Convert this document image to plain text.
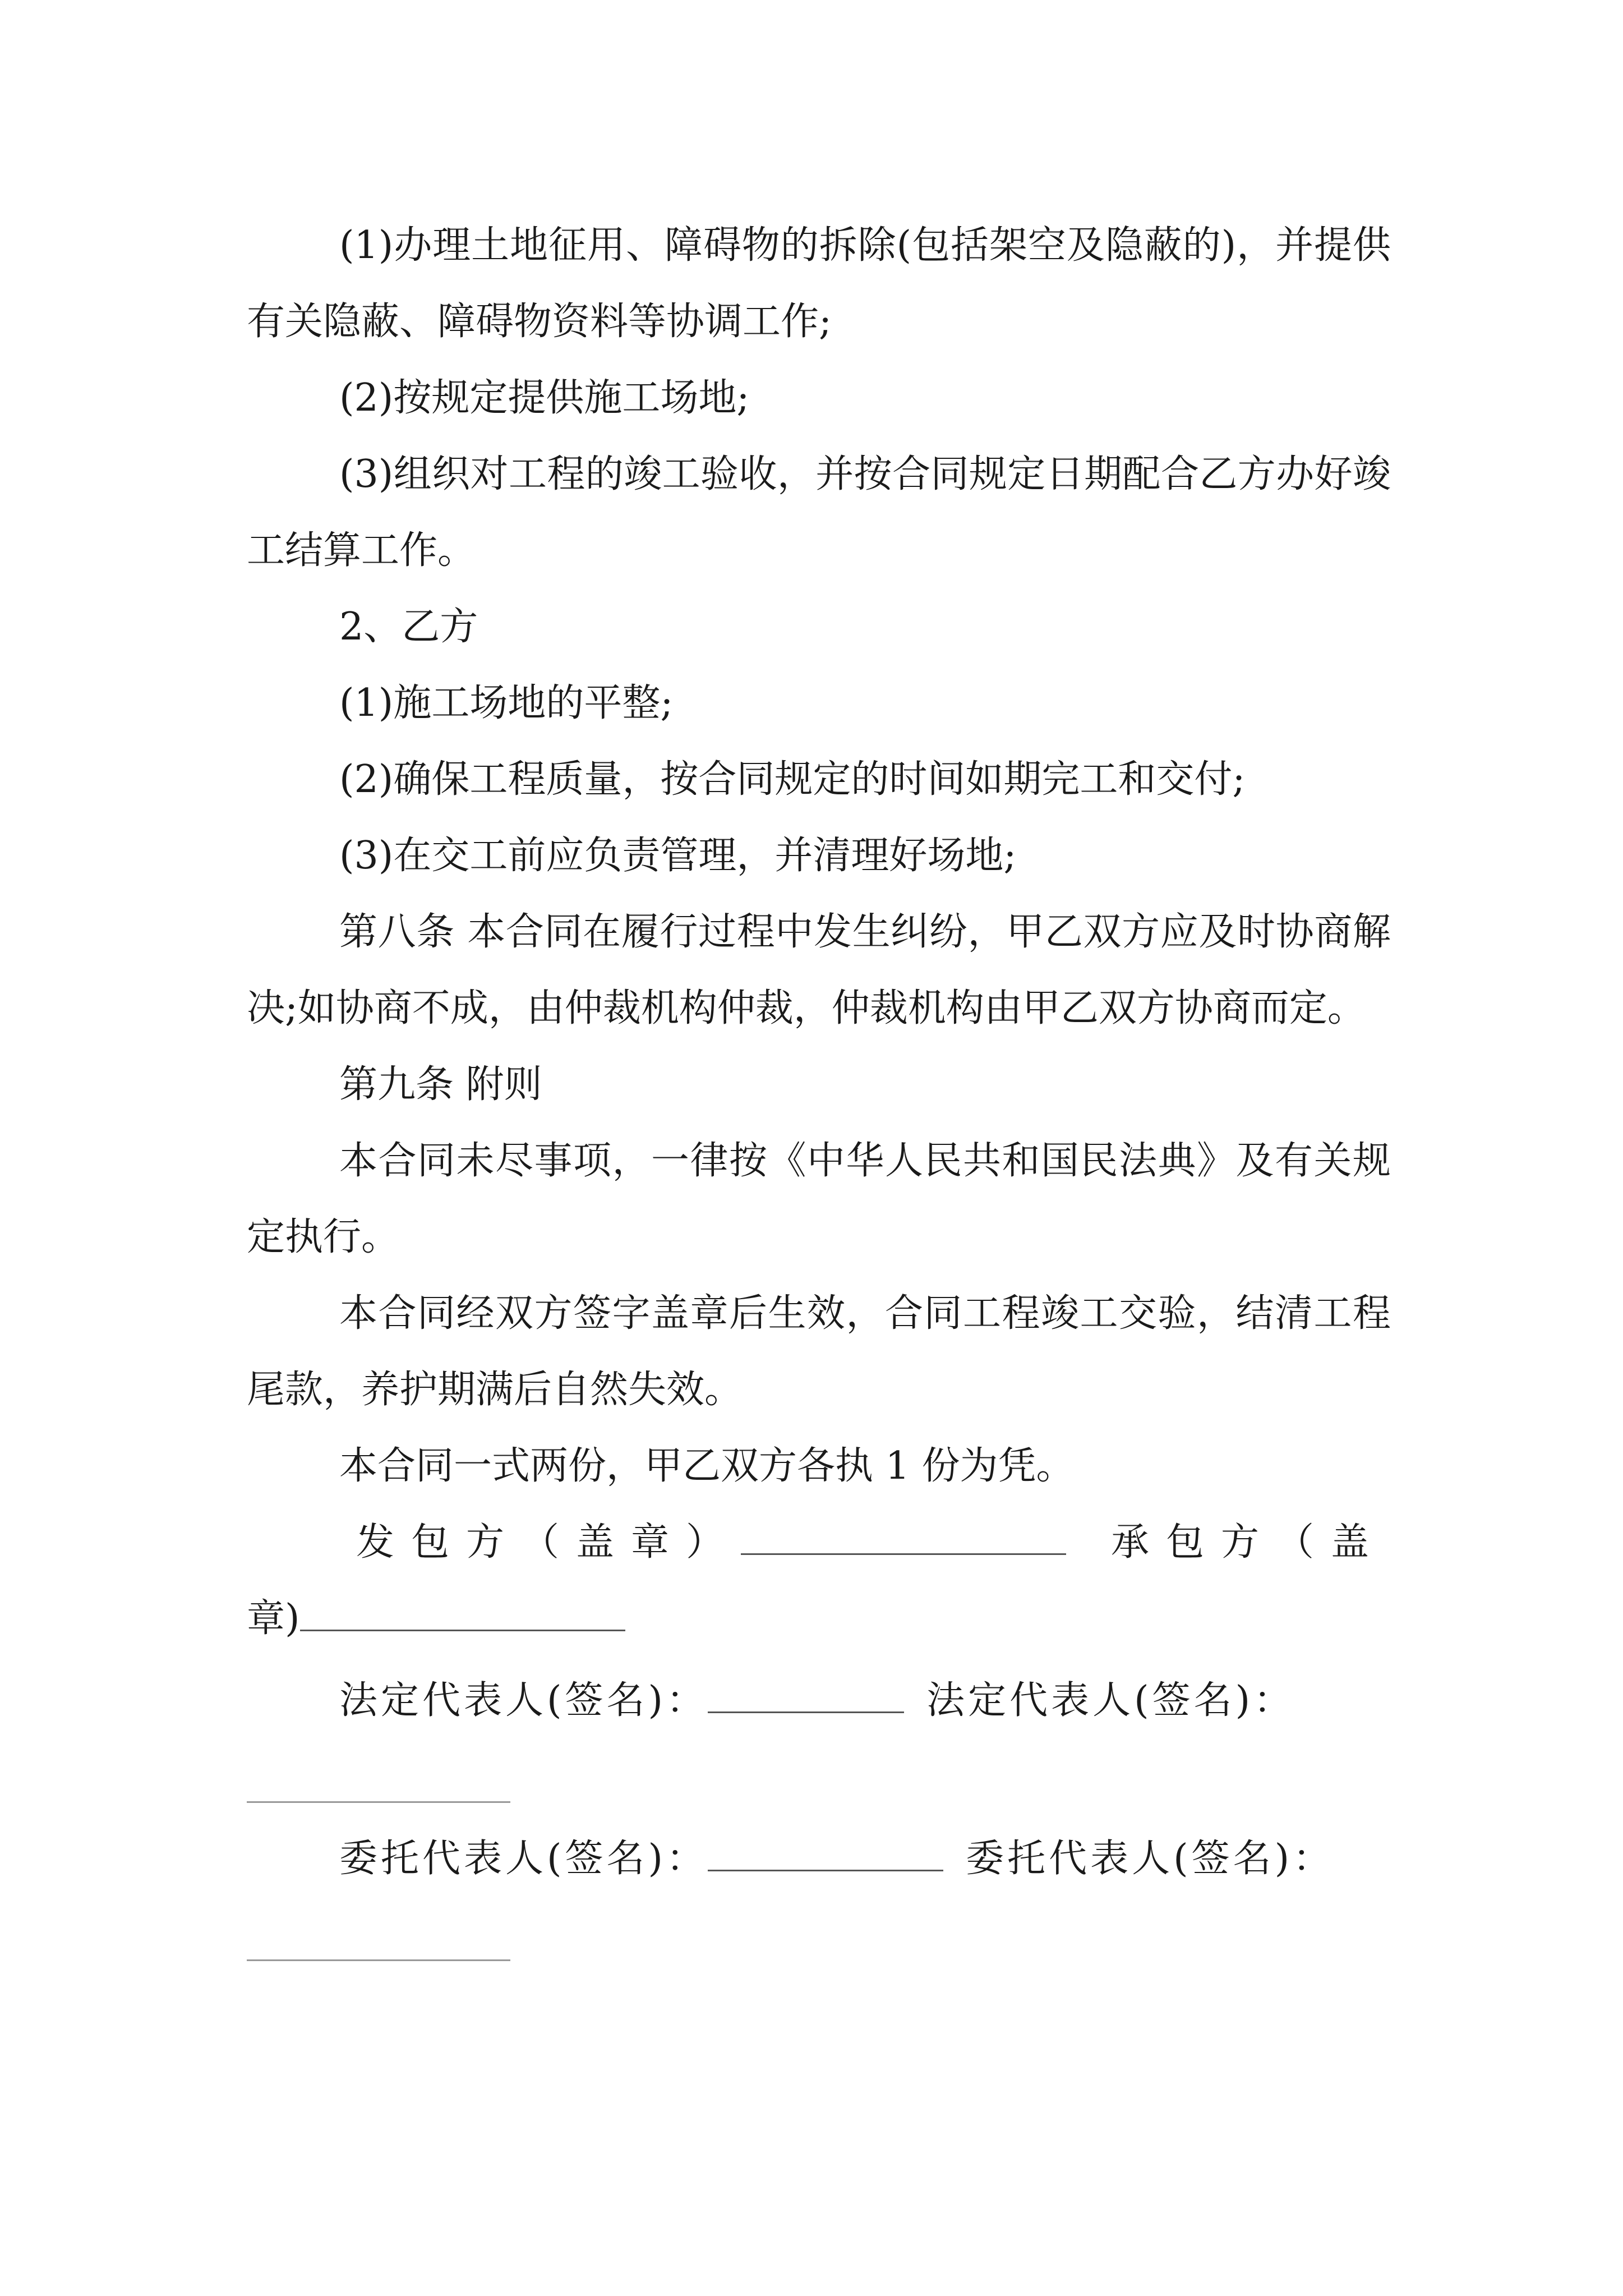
(1)办理土地征用、障碍物的拆除(包括架空及隐蔽的)，并提供有关隐蔽、障碍物资料等协调工作;

(2)按规定提供施工场地;

(3)组织对工程的竣工验收，并按合同规定日期配合乙方办好竣工结算工作。

2、乙方

(1)施工场地的平整;

(2)确保工程质量，按合同规定的时间如期完工和交付;

(3)在交工前应负责管理，并清理好场地;

第八条 本合同在履行过程中发生纠纷，甲乙双方应及时协商解决;如协商不成，由仲裁机构仲裁，仲裁机构由甲乙双方协商而定。

第九条 附则

本合同未尽事项，一律按《中华人民共和国民法典》及有关规定执行。

本合同经双方签字盖章后生效，合同工程竣工交验，结清工程尾款，养护期满后自然失效。

本合同一式两份，甲乙双方各执 1 份为凭。

发包方（盖章）	承包方（盖

章)

法定代表人(签名)：	法定代表人(签名)：

委托代表人(签名)：	委托代表人(签名)：
